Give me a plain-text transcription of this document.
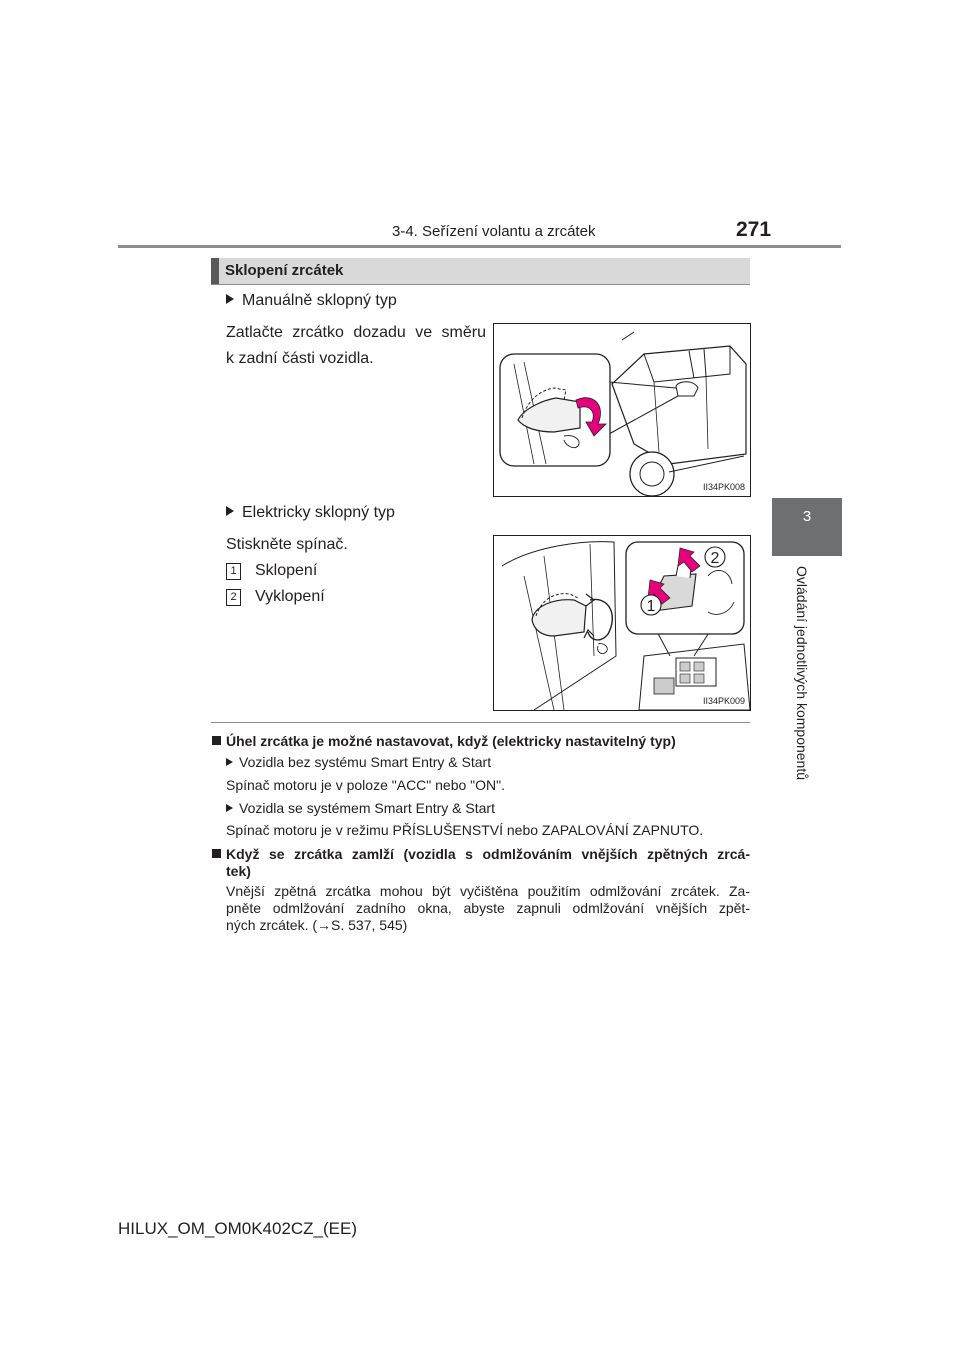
3-4. Seřízení volantu a zrcátek	271
3
Ovládání jednotlivých komponentů
Sklopení zrcátek
Manuálně sklopný typ
Zatlačte zrcátko dozadu ve směru
k zadní části vozidla.
II34PK008
Elektricky sklopný typ
Stiskněte spínač.
1 Sklopení
2 Vyklopení
2
1
II34PK009
Úhel zrcátka je možné nastavovat, když (elektricky nastavitelný typ)
Vozidla bez systému Smart Entry & Start
Spínač motoru je v poloze "ACC" nebo "ON".
Vozidla se systémem Smart Entry & Start
Spínač motoru je v režimu PŘÍSLUŠENSTVÍ nebo ZAPALOVÁNÍ ZAPNUTO.
Když se zrcátka zamlží (vozidla s odmlžováním vnějších zpětných zrcá-
tek)
Vnější zpětná zrcátka mohou být vyčištěna použitím odmlžování zrcátek. Za-
pněte odmlžování zadního okna, abyste zapnuli odmlžování vnějších zpět-
ných zrcátek. (→S. 537, 545)
HILUX_OM_OM0K402CZ_(EE)
